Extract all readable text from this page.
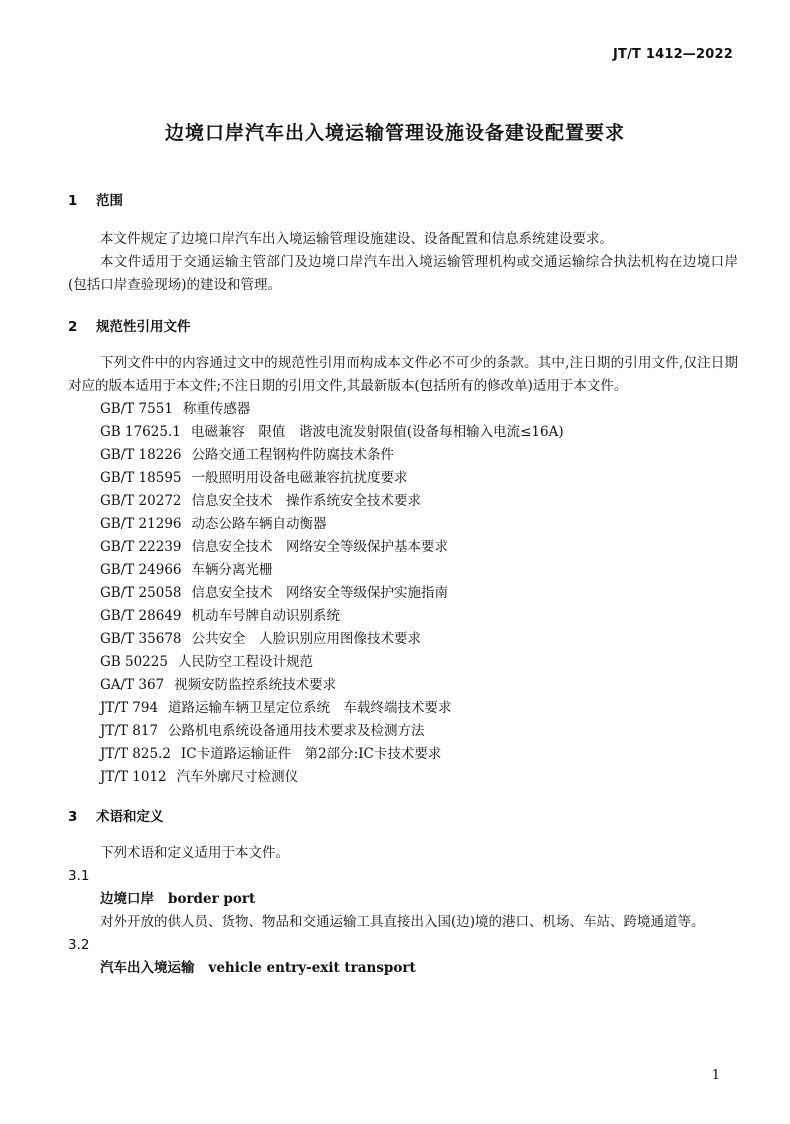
JT/T 1412—2022
边境口岸汽车出入境运输管理设施设备建设配置要求

1 范围

本文件规定了边境口岸汽车出入境运输管理设施建设、设备配置和信息系统建设要求。

本文件适用于交通运输主管部门及边境口岸汽车出入境运输管理机构或交通运输综合执法机构在边境口岸(包括口岸查验现场)的建设和管理。

2 规范性引用文件

下列文件中的内容通过文中的规范性引用而构成本文件必不可少的条款。其中,注日期的引用文件,仅注日期对应的版本适用于本文件;不注日期的引用文件,其最新版本(包括所有的修改单)适用于本文件。

GB/T 7551 称重传感器
GB 17625.1 电磁兼容　限值　谐波电流发射限值(设备每相输入电流≤16A)
GB/T 18226 公路交通工程钢构件防腐技术条件
GB/T 18595 一般照明用设备电磁兼容抗扰度要求
GB/T 20272 信息安全技术　操作系统安全技术要求
GB/T 21296 动态公路车辆自动衡器
GB/T 22239 信息安全技术　网络安全等级保护基本要求
GB/T 24966 车辆分离光栅
GB/T 25058 信息安全技术　网络安全等级保护实施指南
GB/T 28649 机动车号牌自动识别系统
GB/T 35678 公共安全　人脸识别应用图像技术要求
GB 50225 人民防空工程设计规范
GA/T 367 视频安防监控系统技术要求
JT/T 794 道路运输车辆卫星定位系统　车载终端技术要求
JT/T 817 公路机电系统设备通用技术要求及检测方法
JT/T 825.2 IC卡道路运输证件　第2部分:IC卡技术要求
JT/T 1012 汽车外廓尺寸检测仪

3 术语和定义

下列术语和定义适用于本文件。

3.1

边境口岸 border port

对外开放的供人员、货物、物品和交通运输工具直接出入国(边)境的港口、机场、车站、跨境通道等。

3.2

汽车出入境运输 vehicle entry-exit transport

1
